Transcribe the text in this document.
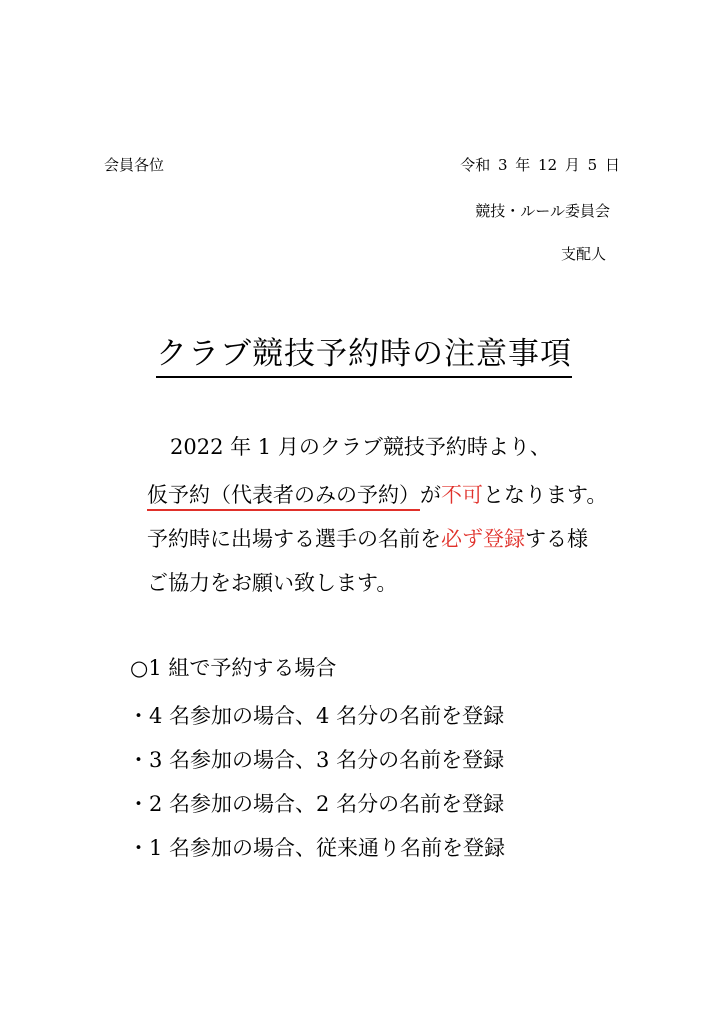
会員各位	令和 3 年 12 月 5 日
競技・ルール委員会
支配人
クラブ競技予約時の注意事項
2022 年 1 月のクラブ競技予約時より、
仮予約（代表者のみの予約）が不可となります。
予約時に出場する選手の名前を必ず登録する様
ご協力をお願い致します。
○1 組で予約する場合
・4 名参加の場合、4 名分の名前を登録
・3 名参加の場合、3 名分の名前を登録
・2 名参加の場合、2 名分の名前を登録
・1 名参加の場合、従来通り名前を登録
